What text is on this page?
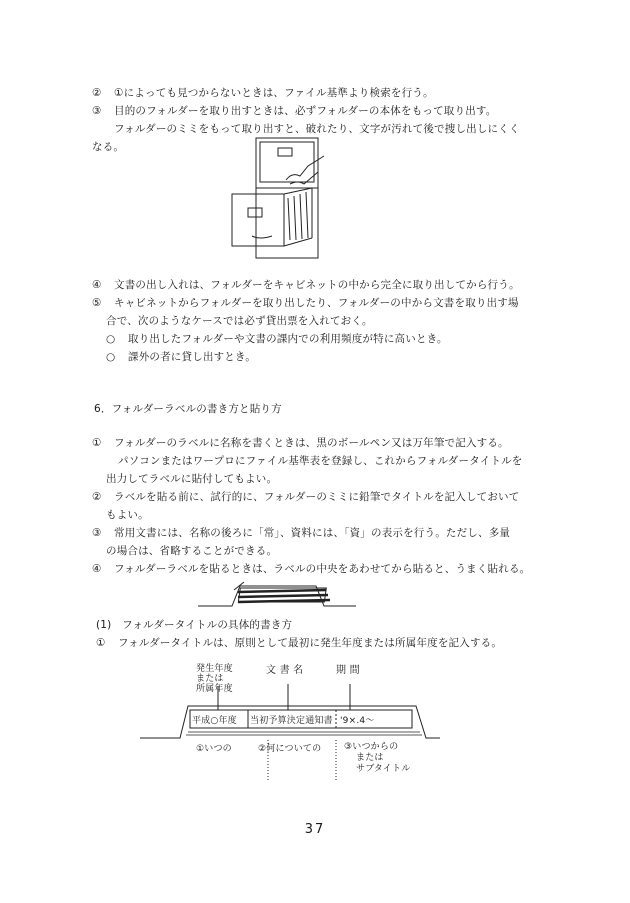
② ①によっても見つからないときは、ファイル基準より検索を行う。
③ 目的のフォルダーを取り出すときは、必ずフォルダーの本体をもって取り出す。
フォルダーのミミをもって取り出すと、破れたり、文字が汚れて後で捜し出しにくく
なる。
④ 文書の出し入れは、フォルダーをキャビネットの中から完全に取り出してから行う。
⑤ キャビネットからフォルダーを取り出したり、フォルダーの中から文書を取り出す場
合で、次のようなケースでは必ず貸出票を入れておく。
○ 取り出したフォルダーや文書の課内での利用頻度が特に高いとき。
○ 課外の者に貸し出すとき。
6．フォルダーラベルの書き方と貼り方
① フォルダーのラベルに名称を書くときは、黒のボールペン又は万年筆で記入する。
パソコンまたはワープロにファイル基準表を登録し、これからフォルダータイトルを
出力してラベルに貼付してもよい。
② ラベルを貼る前に、試行的に、フォルダーのミミに鉛筆でタイトルを記入しておいて
もよい。
③ 常用文書には、名称の後ろに「常」、資料には、「資」の表示を行う。ただし、多量
の場合は、省略することができる。
④ フォルダーラベルを貼るときは、ラベルの中央をあわせてから貼ると、うまく貼れる。
(1)　フォルダータイトルの具体的書き方
① フォルダータイトルは、原則として最初に発生年度または所属年度を記入する。
発生年度
または
所属年度
文 書 名	期 間
平成○年度 当初予算決定通知書 '9×.4～
①いつの	②何についての	③いつからの
または
サブタイトル
37
